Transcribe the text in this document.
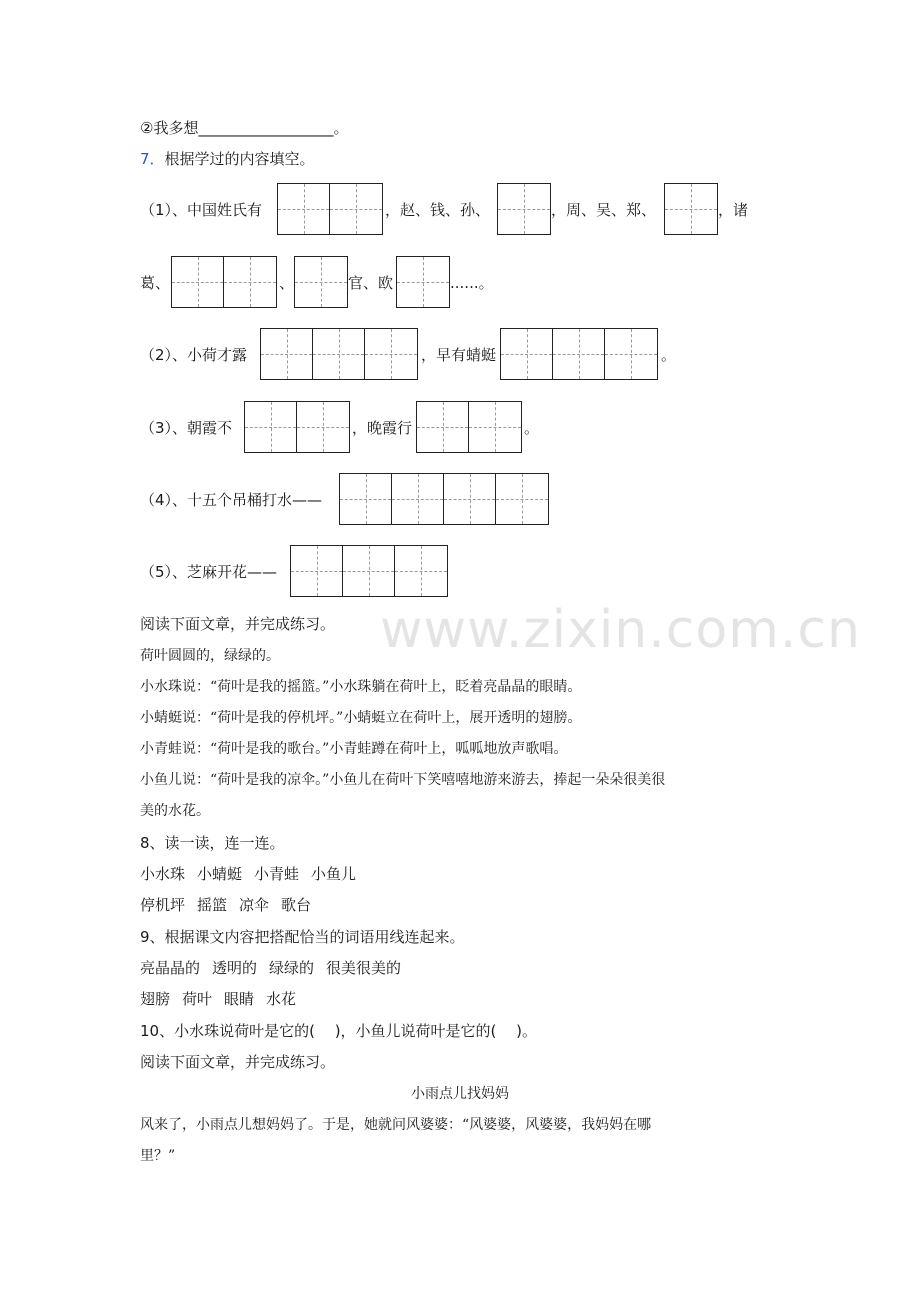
www.zixin.com.cn
②我多想__________________。
7．根据学过的内容填空。
（1）、中国姓氏有	，赵、钱、孙、	，周、吴、郑、	，诸
葛、	、	官、欧	......。
（2）、小荷才露	，早有蜻蜓	。
（3）、朝霞不	，晚霞行	。
（4）、十五个吊桶打水——
（5）、芝麻开花——
阅读下面文章，并完成练习。
荷叶圆圆的，绿绿的。
小水珠说：“荷叶是我的摇篮。”小水珠躺在荷叶上，眨着亮晶晶的眼睛。
小蜻蜓说：“荷叶是我的停机坪。”小蜻蜓立在荷叶上，展开透明的翅膀。
小青蛙说：“荷叶是我的歌台。”小青蛙蹲在荷叶上，呱呱地放声歌唱。
小鱼儿说：“荷叶是我的凉伞。”小鱼儿在荷叶下笑嘻嘻地游来游去，捧起一朵朵很美很
美的水花。
8、读一读，连一连。
小水珠 小蜻蜓 小青蛙 小鱼儿
停机坪 摇篮 凉伞 歌台
9、根据课文内容把搭配恰当的词语用线连起来。
亮晶晶的 透明的 绿绿的 很美很美的
翅膀 荷叶 眼睛 水花
10、小水珠说荷叶是它的(　 )，小鱼儿说荷叶是它的(　 )。
阅读下面文章，并完成练习。
小雨点儿找妈妈
风来了，小雨点儿想妈妈了。于是，她就问风婆婆：“风婆婆，风婆婆，我妈妈在哪
里？”
